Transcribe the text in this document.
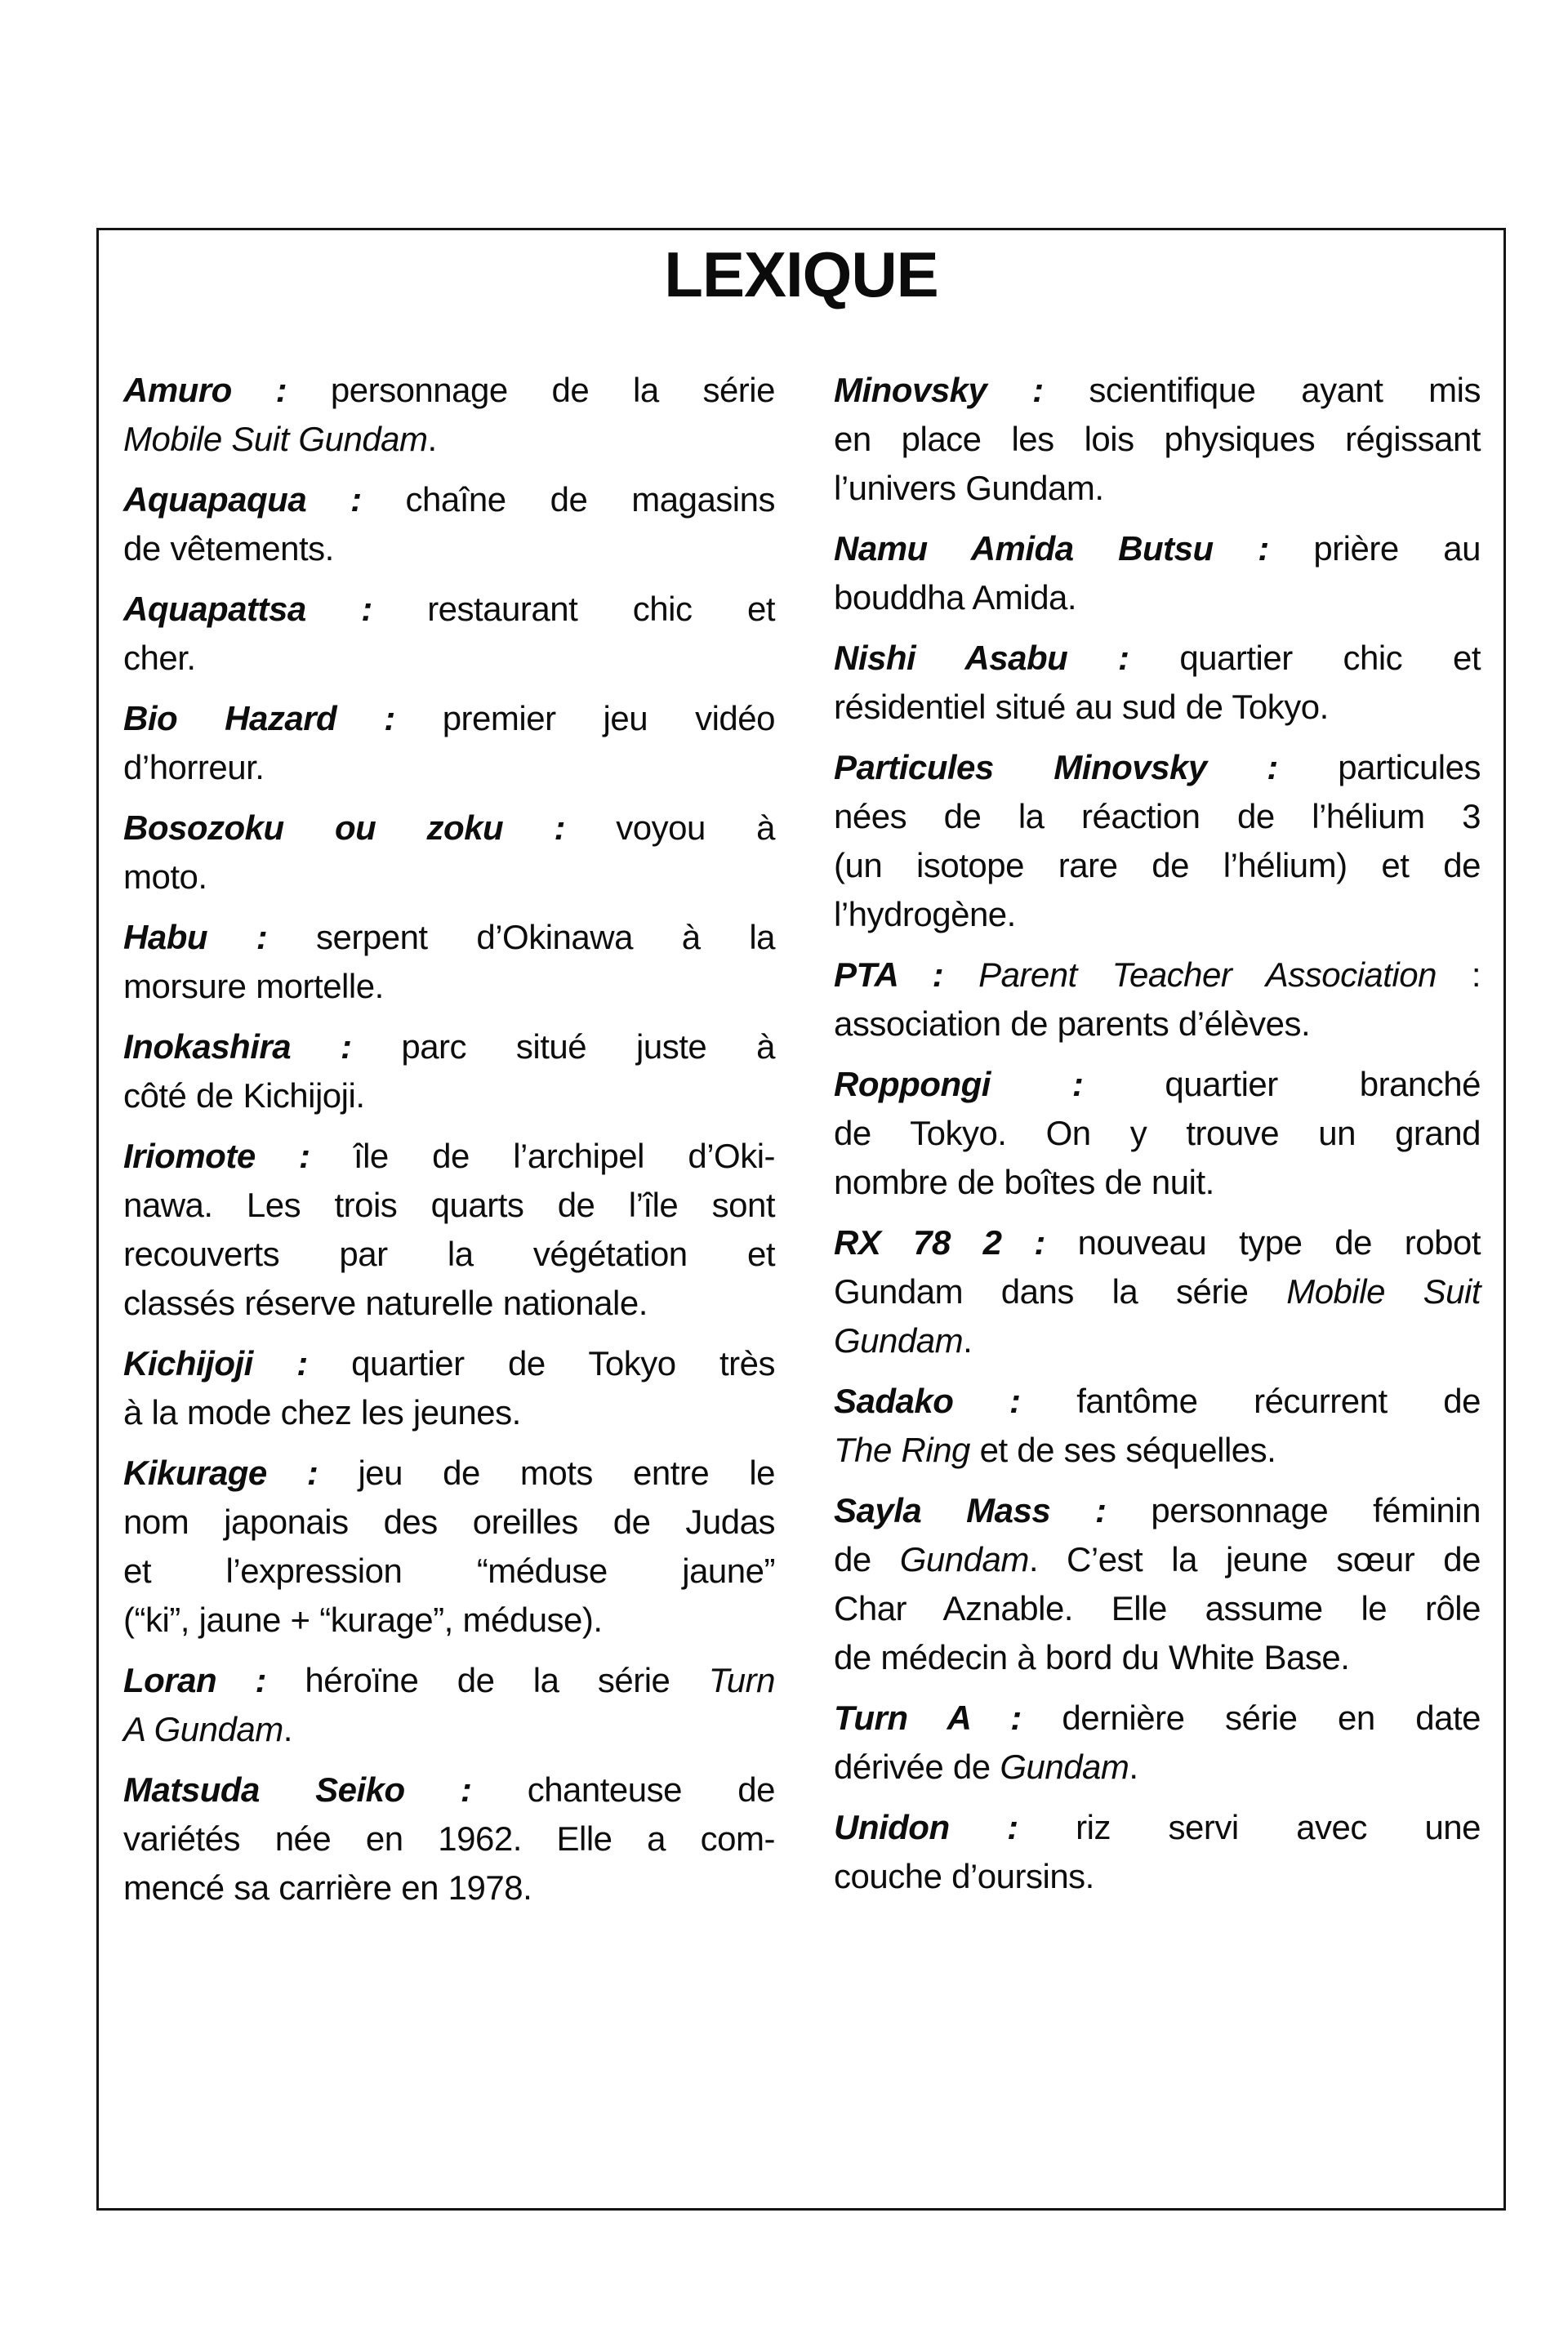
LEXIQUE
Amuro : personnage de la série
Mobile Suit Gundam.
Aquapaqua : chaîne de magasins
de vêtements.
Aquapattsa : restaurant chic et
cher.
Bio Hazard : premier jeu vidéo
d’horreur.
Bosozoku ou zoku : voyou à
moto.
Habu : serpent d’Okinawa à la
morsure mortelle.
Inokashira : parc situé juste à
côté de Kichijoji.
Iriomote : île de l’archipel d’Oki-
nawa. Les trois quarts de l’île sont
recouverts par la végétation et
classés réserve naturelle nationale.
Kichijoji : quartier de Tokyo très
à la mode chez les jeunes.
Kikurage : jeu de mots entre le
nom japonais des oreilles de Judas
et l’expression “méduse jaune”
(“ki”, jaune + “kurage”, méduse).
Loran : héroïne de la série Turn
A Gundam.
Matsuda Seiko : chanteuse de
variétés née en 1962. Elle a com-
mencé sa carrière en 1978.
Minovsky : scientifique ayant mis
en place les lois physiques régissant
l’univers Gundam.
Namu Amida Butsu : prière au
bouddha Amida.
Nishi Asabu : quartier chic et
résidentiel situé au sud de Tokyo.
Particules Minovsky : particules
nées de la réaction de l’hélium 3
(un isotope rare de l’hélium) et de
l’hydrogène.
PTA : Parent Teacher Association :
association de parents d’élèves.
Roppongi : quartier branché
de Tokyo. On y trouve un grand
nombre de boîtes de nuit.
RX 78 2 : nouveau type de robot
Gundam dans la série Mobile Suit
Gundam.
Sadako : fantôme récurrent de
The Ring et de ses séquelles.
Sayla Mass : personnage féminin
de Gundam. C’est la jeune sœur de
Char Aznable. Elle assume le rôle
de médecin à bord du White Base.
Turn A : dernière série en date
dérivée de Gundam.
Unidon : riz servi avec une
couche d’oursins.
